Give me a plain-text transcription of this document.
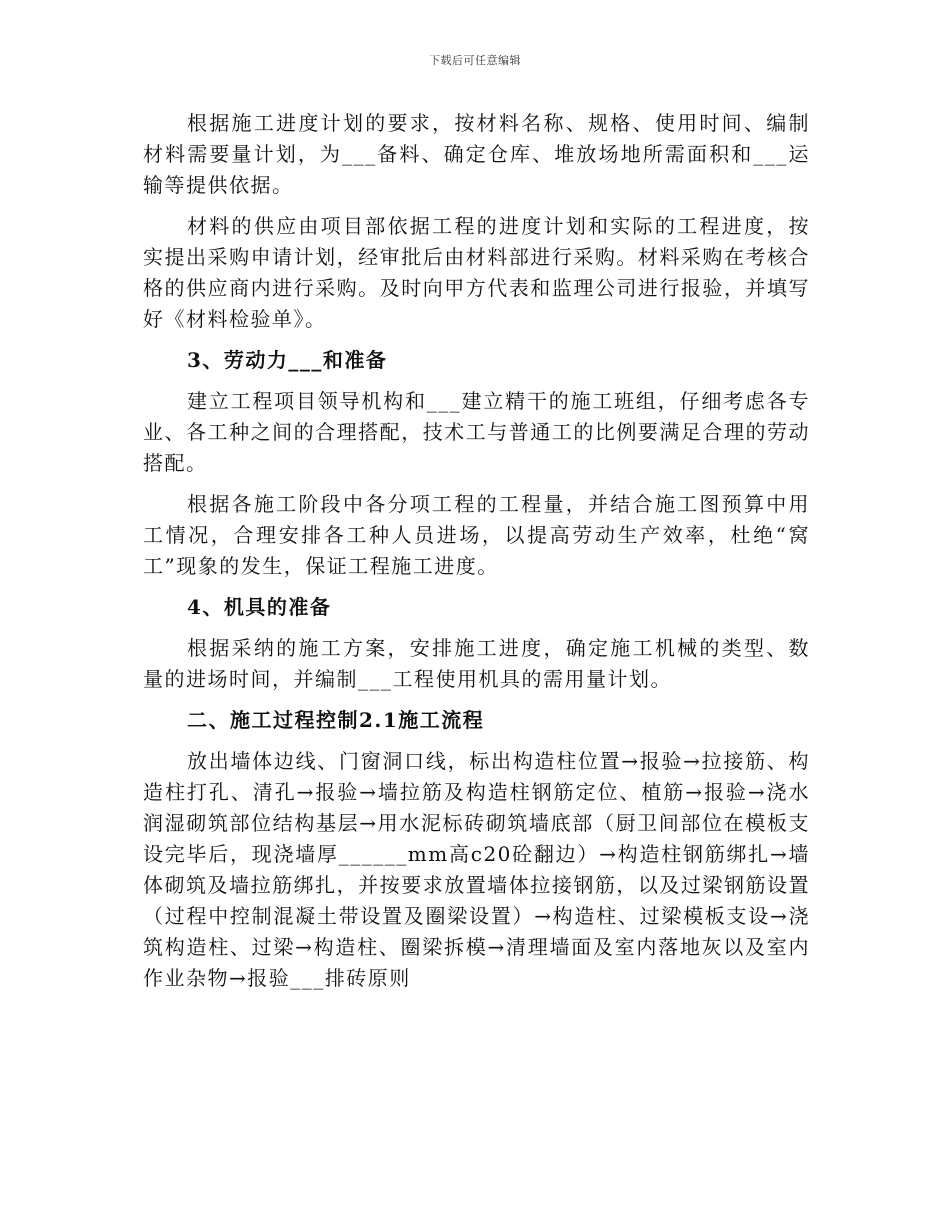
下载后可任意编辑

根据施工进度计划的要求，按材料名称、规格、使用时间、编制材料需要量计划，为___备料、确定仓库、堆放场地所需面积和___运输等提供依据。

材料的供应由项目部依据工程的进度计划和实际的工程进度，按实提出采购申请计划，经审批后由材料部进行采购。材料采购在考核合格的供应商内进行采购。及时向甲方代表和监理公司进行报验，并填写好《材料检验单》。

3、劳动力___和准备

建立工程项目领导机构和___建立精干的施工班组，仔细考虑各专业、各工种之间的合理搭配，技术工与普通工的比例要满足合理的劳动搭配。

根据各施工阶段中各分项工程的工程量，并结合施工图预算中用工情况，合理安排各工种人员进场，以提高劳动生产效率，杜绝“窝工”现象的发生，保证工程施工进度。

4、机具的准备

根据采纳的施工方案，安排施工进度，确定施工机械的类型、数量的进场时间，并编制___工程使用机具的需用量计划。

二、施工过程控制2.1施工流程

放出墙体边线、门窗洞口线，标出构造柱位置→报验→拉接筋、构造柱打孔、清孔→报验→墙拉筋及构造柱钢筋定位、植筋→报验→浇水润湿砌筑部位结构基层→用水泥标砖砌筑墙底部（厨卫间部位在模板支设完毕后，现浇墙厚______mm高c20砼翻边）→构造柱钢筋绑扎→墙体砌筑及墙拉筋绑扎，并按要求放置墙体拉接钢筋，以及过梁钢筋设置（过程中控制混凝土带设置及圈梁设置）→构造柱、过梁模板支设→浇筑构造柱、过梁→构造柱、圈梁拆模→清理墙面及室内落地灰以及室内作业杂物→报验___排砖原则
